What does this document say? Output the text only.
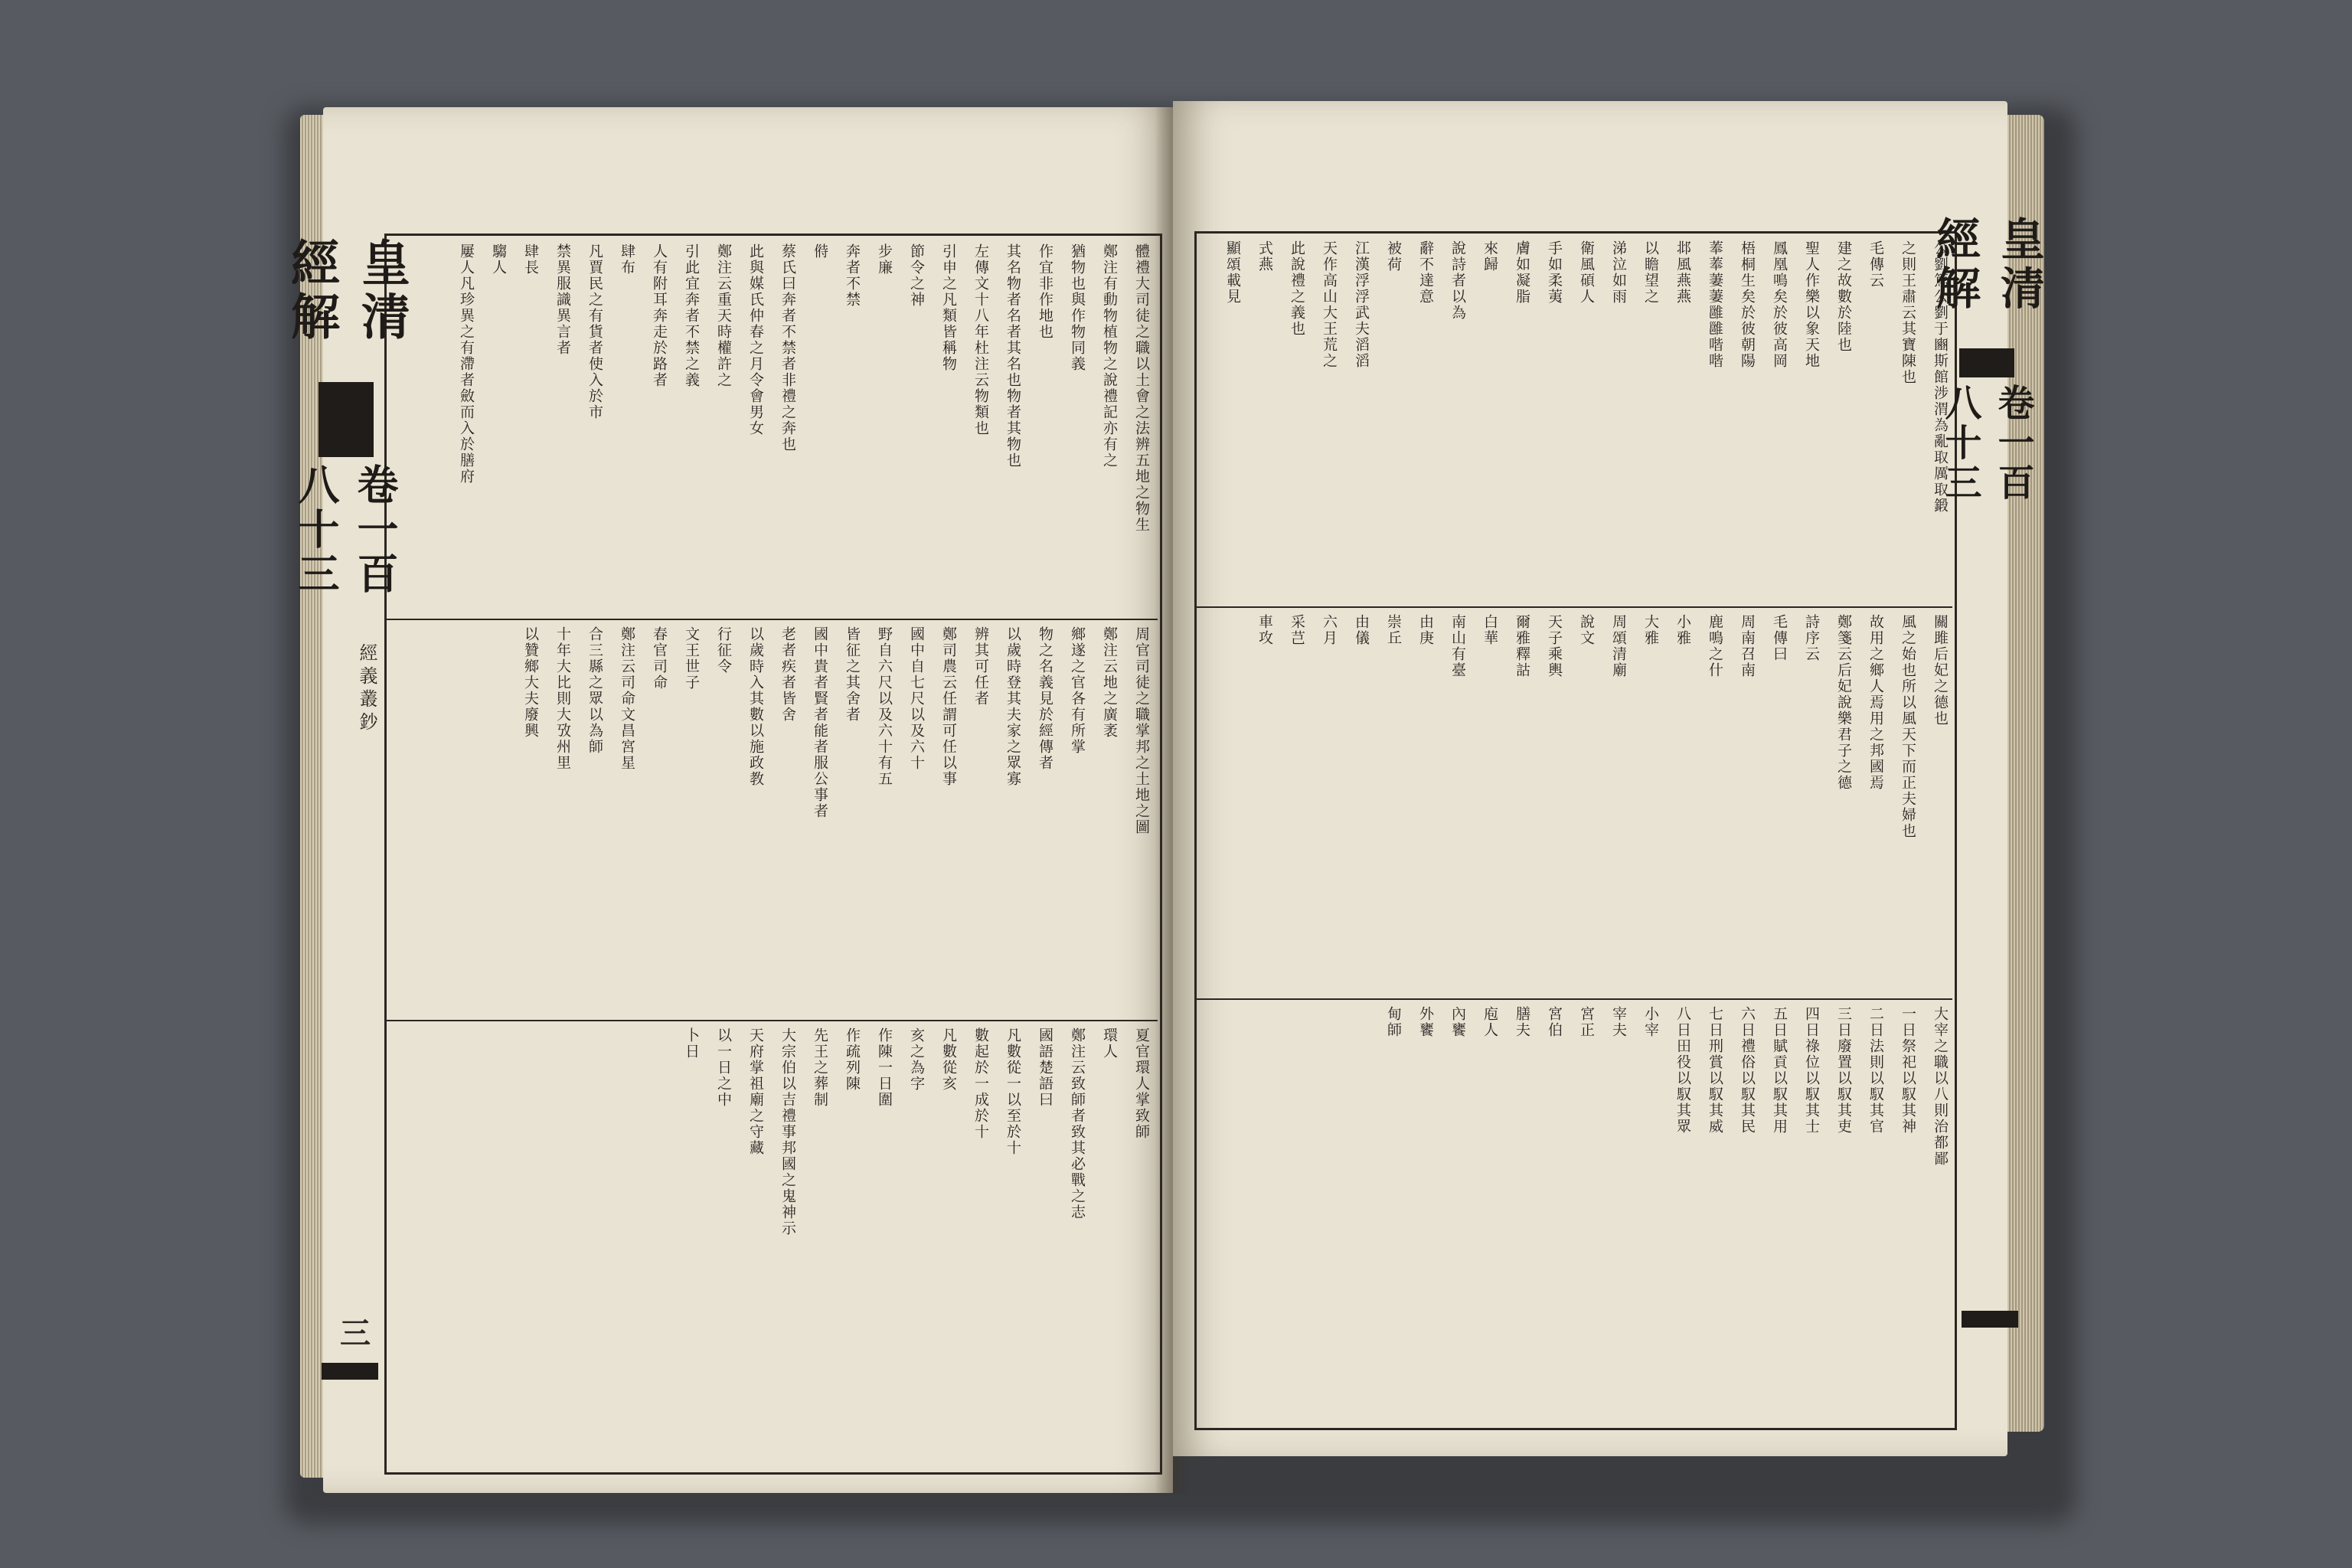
皇清經解
卷一百八十三
經義叢鈔
三
體禮大司徒之職以土會之法辨五地之物生
鄭注有動物植物之說禮記亦有之
猶物也與作物同義
作宜非作地也
其名物者名者其名也物者其物也
左傳文十八年杜注云物類也
引申之凡類皆稱物
節令之神
步廉
奔者不禁
偫
蔡氏曰奔者不禁者非禮之奔也
此與媒氏仲春之月令會男女
鄭注云重天時權許之
引此宜奔者不禁之義
人有附耳奔走於路者
肆布
凡賈民之有貨者使入於市
禁異服識異言者
肆長
騶人
屢人凡珍異之有滯者斂而入於膳府
周官司徒之職掌邦之土地之圖
鄭注云地之廣袤
鄉遂之官各有所掌
物之名義見於經傳者
以歲時登其夫家之眾寡
辨其可任者
鄭司農云任謂可任以事
國中自七尺以及六十
野自六尺以及六十有五
皆征之其舍者
國中貴者賢者能者服公事者
老者疾者皆舍
以歲時入其數以施政教
行征令
文王世子
春官司命
鄭注云司命文昌宮星
合三縣之眾以為師
十年大比則大攷州里
以贊鄉大夫廢興
夏官環人掌致師
環人
鄭注云致師者致其必戰之志
國語楚語曰
凡數從一以至於十
數起於一成於十
凡數從亥
亥之為字
作陳一日圍
作疏列陳
先王之葬制
大宗伯以吉禮事邦國之鬼神示
天府掌祖廟之守藏
以一日之中
卜日
皇清經解
卷一百八十三
公劉篤公劉于豳斯館涉渭為亂取厲取鍛
之則王肅云其寶陳也
毛傳云
建之故數於陸也
聖人作樂以象天地
鳳凰鳴矣於彼高岡
梧桐生矣於彼朝陽
菶菶萋萋雝雝喈喈
邶風燕燕
以瞻望之
涕泣如雨
衛風碩人
手如柔荑
膚如凝脂
來歸
說詩者以為
辭不達意
被荷
江漢浮浮武夫滔滔
天作高山大王荒之
此說禮之義也
式燕
顯頌載見
關雎后妃之德也
風之始也所以風天下而正夫婦也
故用之鄉人焉用之邦國焉
鄭箋云后妃說樂君子之德
詩序云
毛傳曰
周南召南
鹿鳴之什
小雅
大雅
周頌清廟
說文
天子乘輿
爾雅釋詁
白華
南山有臺
由庚
崇丘
由儀
六月
采芑
車攻
大宰之職以八則治都鄙
一日祭祀以馭其神
二日法則以馭其官
三日廢置以馭其吏
四日祿位以馭其士
五日賦貢以馭其用
六日禮俗以馭其民
七日刑賞以馭其威
八日田役以馭其眾
小宰
宰夫
宮正
宮伯
膳夫
庖人
內饔
外饔
甸師
